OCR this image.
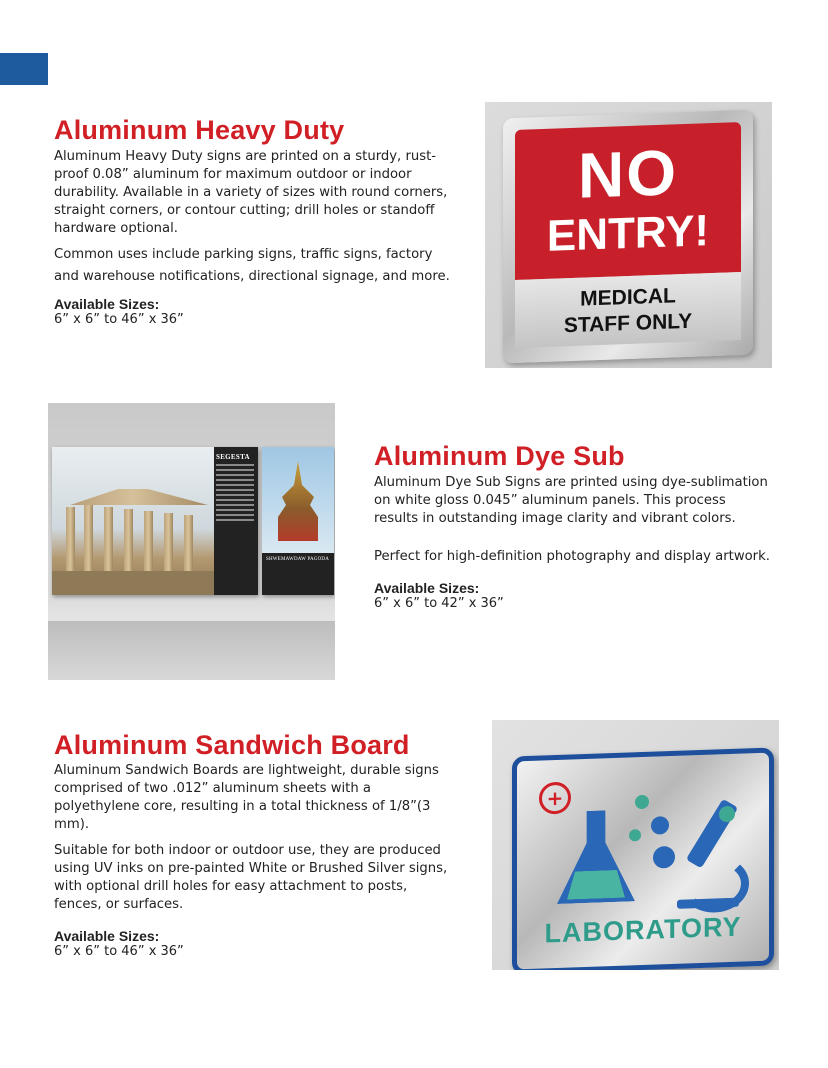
Aluminum Heavy Duty

Aluminum Heavy Duty signs are printed on a sturdy, rust-proof 0.08” aluminum for maximum outdoor or indoor durability. Available in a variety of sizes with round corners, straight corners, or contour cutting; drill holes or standoff hardware optional.

Common uses include parking signs, traffic signs, factory and warehouse notifications, directional signage, and more.

Available Sizes:
6” x 6” to 46” x 36”
NO
ENTRY!
MEDICAL
STAFF ONLY
SEGESTA
SHWEMAWDAW PAGODA
Aluminum Dye Sub

Aluminum Dye Sub Signs are printed using dye-sublimation on white gloss 0.045” aluminum panels. This process results in outstanding image clarity and vibrant colors.

Perfect for high-definition photography and display artwork.

Available Sizes:
6” x 6” to 42” x 36”
Aluminum Sandwich Board

Aluminum Sandwich Boards are lightweight, durable signs comprised of two .012” aluminum sheets with a polyethylene core, resulting in a total thickness of 1/8”(3 mm).

Suitable for both indoor or outdoor use, they are produced using UV inks on pre-painted White or Brushed Silver signs, with optional drill holes for easy attachment to posts, fences, or surfaces.

Available Sizes:
6” x 6” to 46” x 36”
+
LABORATORY
